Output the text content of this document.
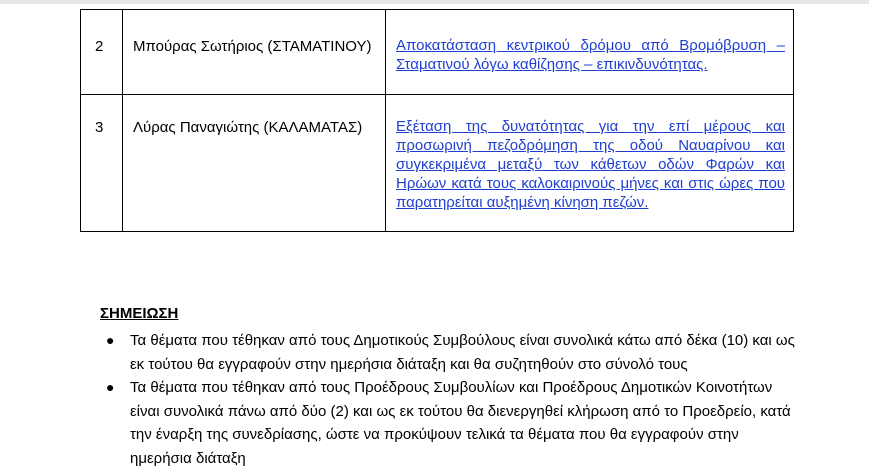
2	Μπούρας Σωτήριος (ΣΤΑΜΑΤΙΝΟΥ)	Αποκατάσταση κεντρικού δρόμου από Βρομόβρυση – Σταματινού λόγω καθίζησης – επικινδυνότητας.

3	Λύρας Παναγιώτης (ΚΑΛΑΜΑΤΑΣ)	Εξέταση της δυνατότητας για την επί μέρους και προσωρινή πεζοδρόμηση της οδού Ναυαρίνου και συγκεκριμένα μεταξύ των κάθετων οδών Φαρών και Ηρώων κατά τους καλοκαιρινούς μήνες και στις ώρες που παρατηρείται αυξημένη κίνηση πεζών.
ΣΗΜΕΙΩΣΗ
● Τα θέματα που τέθηκαν από τους Δημοτικούς Συμβούλους είναι συνολικά κάτω από δέκα (10) και ως εκ τούτου θα εγγραφούν στην ημερήσια διάταξη και θα συζητηθούν στο σύνολό τους
● Τα θέματα που τέθηκαν από τους Προέδρους Συμβουλίων και Προέδρους Δημοτικών Κοινοτήτων είναι συνολικά πάνω από δύο (2) και ως εκ τούτου θα διενεργηθεί κλήρωση από το Προεδρείο, κατά την έναρξη της συνεδρίασης, ώστε να προκύψουν τελικά τα θέματα που θα εγγραφούν στην ημερήσια διάταξη
